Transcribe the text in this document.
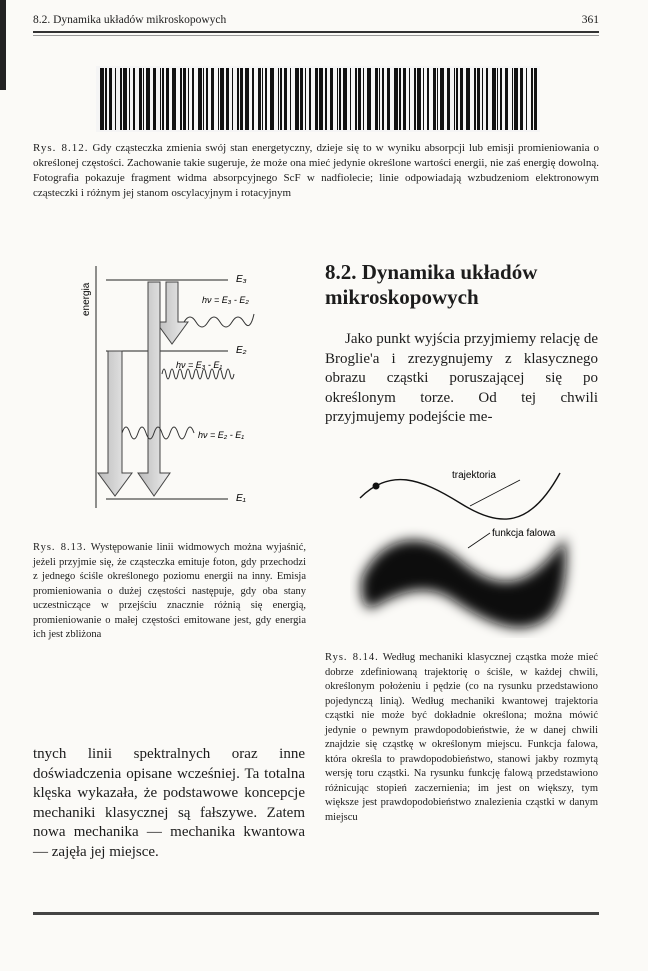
8.2. Dynamika układów mikroskopowych	361
Rys. 8.12. Gdy cząsteczka zmienia swój stan energetyczny, dzieje się to w wyniku absorpcji lub emisji promieniowania o określonej częstości. Zachowanie takie sugeruje, że może ona mieć jedynie określone wartości energii, nie zaś energię dowolną. Fotografia pokazuje fragment widma absorpcyjnego ScF w nadfiolecie; linie odpowiadają wzbudzeniom elektronowym cząsteczki i różnym jej stanom oscylacyjnym i rotacyjnym
energia
E₃
E₂
E₁
hν = E₃ - E₂
hν = E₃ - E₁
hν = E₂ - E₁
8.2. Dynamika układów mikroskopowych

Jako punkt wyjścia przyjmiemy relację de Broglie'a i zrezygnujemy z klasycznego obrazu cząstki poruszającej się po określonym torze. Od tej chwili przyjmujemy podejście me-

trajektoria
funkcja falowa
Rys. 8.13. Występowanie linii widmowych można wyjaśnić, jeżeli przyjmie się, że cząsteczka emituje foton, gdy przechodzi z jednego ściśle określonego poziomu energii na inny. Emisja promieniowania o dużej częstości następuje, gdy oba stany uczestniczące w przejściu znacznie różnią się energią, promieniowanie o małej częstości emitowane jest, gdy energia ich jest zbliżona
tnych linii spektralnych oraz inne doświadczenia opisane wcześniej. Ta totalna klęska wykazała, że podstawowe koncepcje mechaniki klasycznej są fałszywe. Zatem nowa mechanika — mechanika kwantowa — zajęła jej miejsce.
Rys. 8.14. Według mechaniki klasycznej cząstka może mieć dobrze zdefiniowaną trajektorię o ściśle, w każdej chwili, określonym położeniu i pędzie (co na rysunku przedstawiono pojedynczą linią). Według mechaniki kwantowej trajektoria cząstki nie może być dokładnie określona; można mówić jedynie o pewnym prawdopodobieństwie, że w danej chwili znajdzie się cząstkę w określonym miejscu. Funkcja falowa, która określa to prawdopodobieństwo, stanowi jakby rozmytą wersję toru cząstki. Na rysunku funkcję falową przedstawiono różnicując stopień zaczernienia; im jest on większy, tym większe jest prawdopodobieństwo znalezienia cząstki w danym miejscu
